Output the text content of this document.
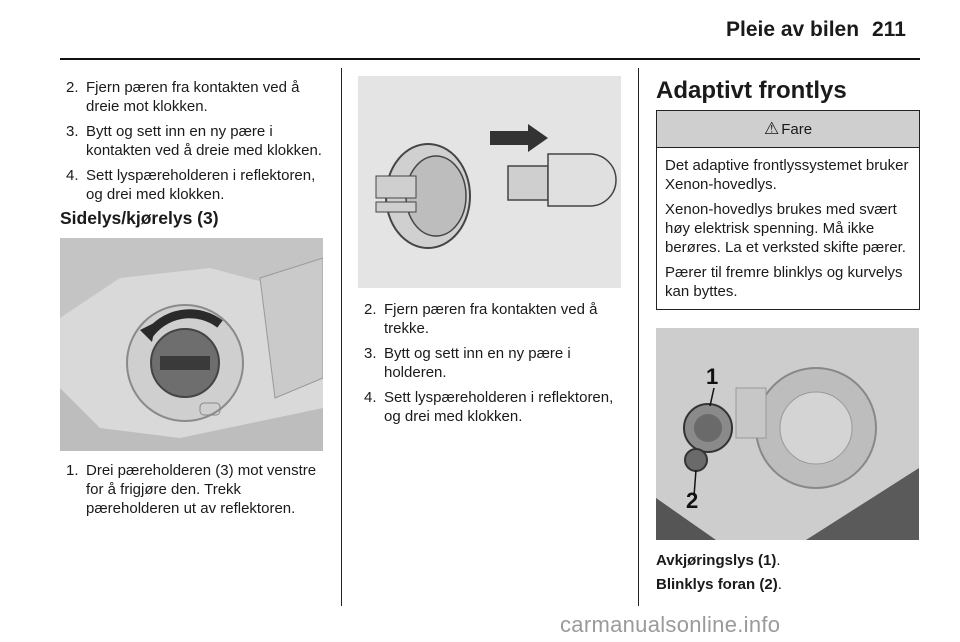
Pleie av bilen 211
2. Fjern pæren fra kontakten ved å dreie mot klokken.
3. Bytt og sett inn en ny pære i kontakten ved å dreie med klokken.
4. Sett lyspæreholderen i reflektoren, og drei med klokken.
Sidelys/kjørelys (3)
1. Drei pæreholderen (3) mot venstre for å frigjøre den. Trekk pæreholderen ut av reflektoren.
2. Fjern pæren fra kontakten ved å trekke.
3. Bytt og sett inn en ny pære i holderen.
4. Sett lyspæreholderen i reflektoren, og drei med klokken.
Adaptivt frontlys
⚠ Fare

Det adaptive frontlyssystemet bruker Xenon-hovedlys.

Xenon-hovedlys brukes med svært høy elektrisk spenning. Må ikke berøres. La et verksted skifte pærer.

Pærer til fremre blinklys og kurvelys kan byttes.

1
2
Avkjøringslys (1).
Blinklys foran (2).
carmanualsonline.info
